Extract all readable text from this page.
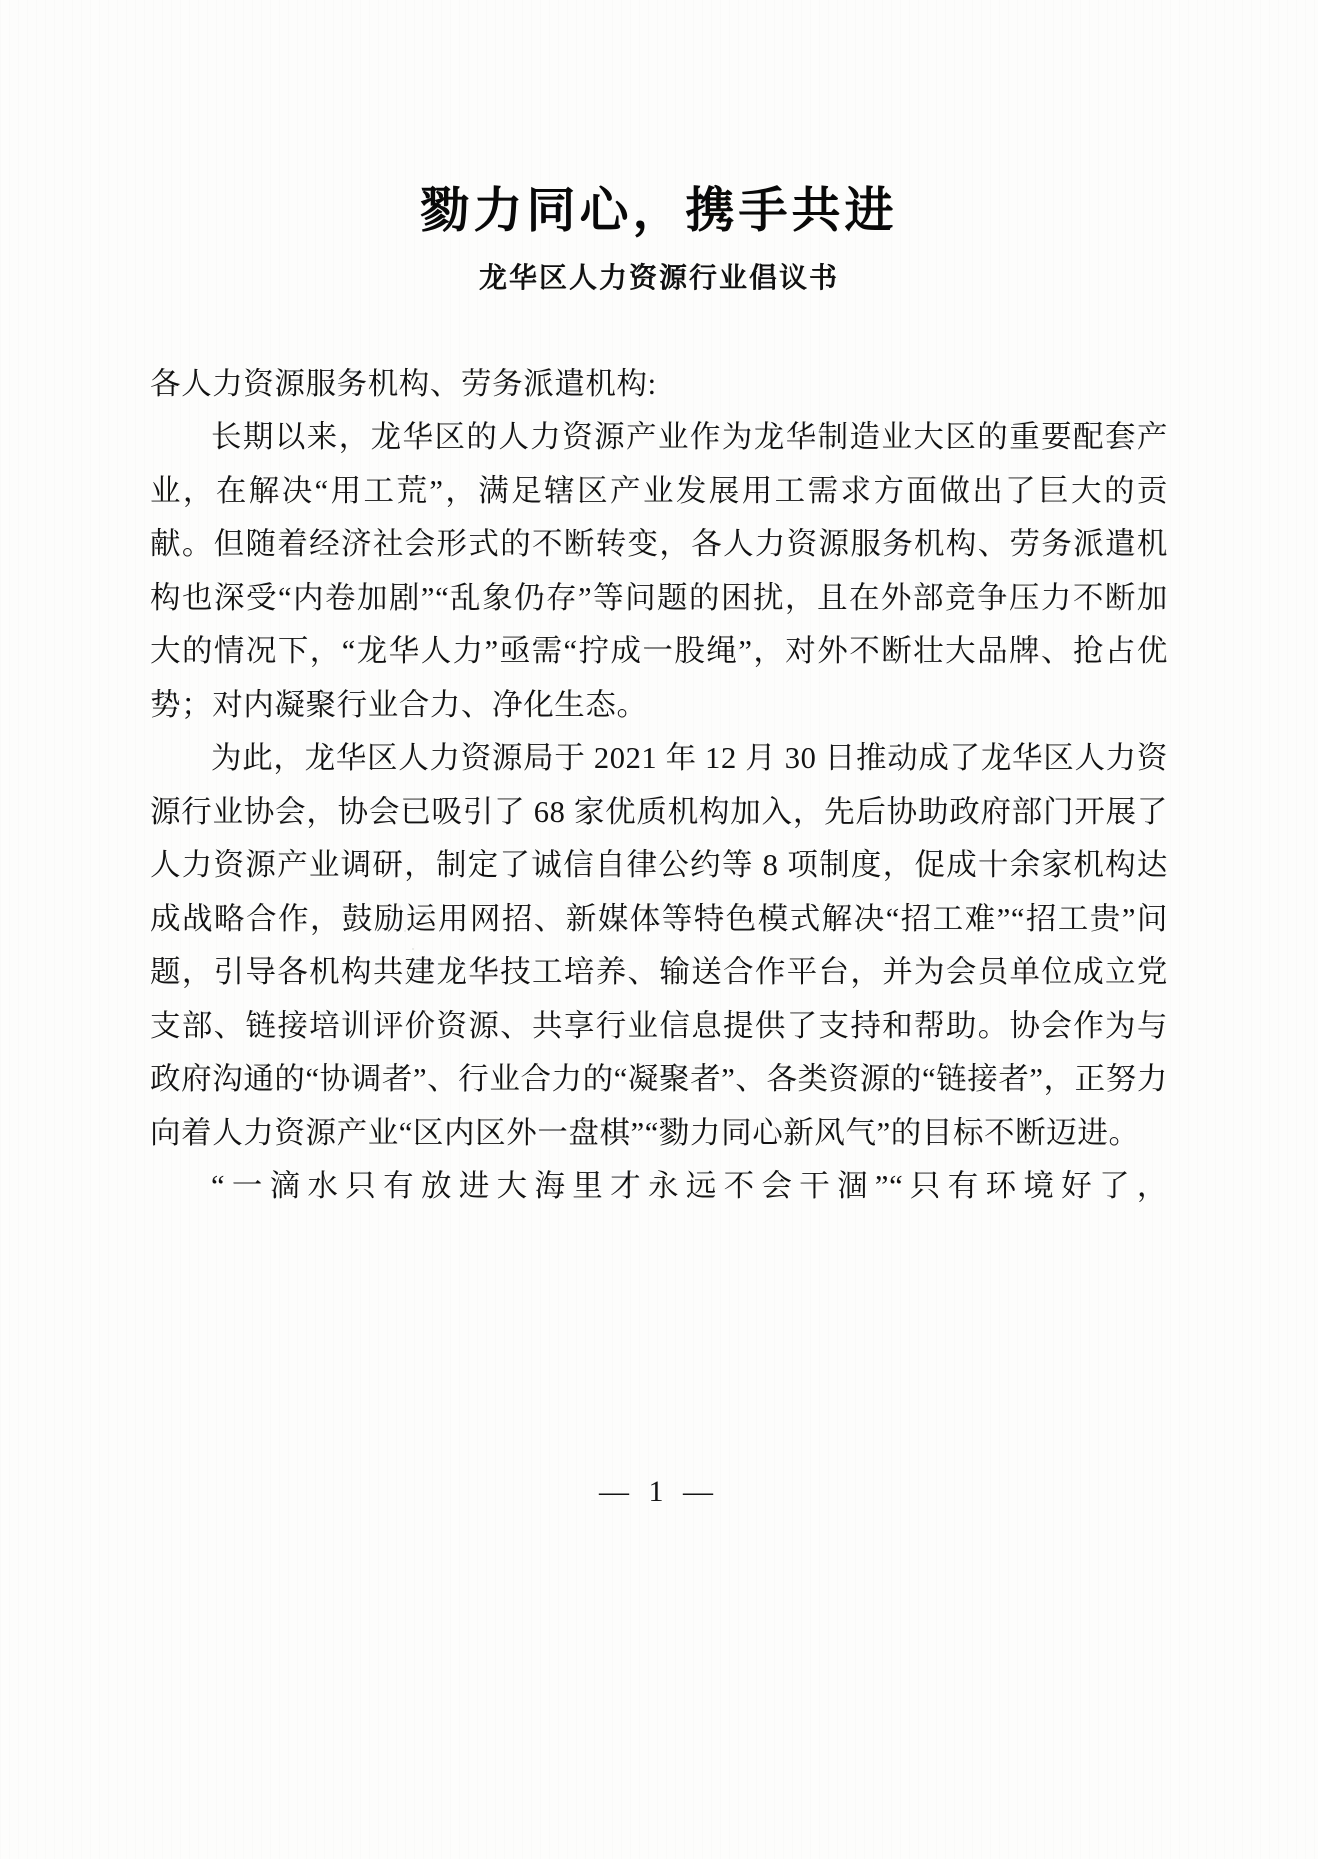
勠力同心，携手共进
龙华区人力资源行业倡议书

各人力资源服务机构、劳务派遣机构:

长期以来，龙华区的人力资源产业作为龙华制造业大区的重要配套产业，在解决“用工荒”，满足辖区产业发展用工需求方面做出了巨大的贡献。但随着经济社会形式的不断转变，各人力资源服务机构、劳务派遣机构也深受“内卷加剧”“乱象仍存”等问题的困扰，且在外部竞争压力不断加大的情况下，“龙华人力”亟需“拧成一股绳”，对外不断壮大品牌、抢占优势；对内凝聚行业合力、净化生态。

为此，龙华区人力资源局于 2021 年 12 月 30 日推动成了龙华区人力资源行业协会，协会已吸引了 68 家优质机构加入，先后协助政府部门开展了人力资源产业调研，制定了诚信自律公约等 8 项制度，促成十余家机构达成战略合作，鼓励运用网招、新媒体等特色模式解决“招工难”“招工贵”问题，引导各机构共建龙华技工培养、输送合作平台，并为会员单位成立党支部、链接培训评价资源、共享行业信息提供了支持和帮助。协会作为与政府沟通的“协调者”、行业合力的“凝聚者”、各类资源的“链接者”，正努力向着人力资源产业“区内区外一盘棋”“勠力同心新风气”的目标不断迈进。

“一滴水只有放进大海里才永远不会干涸”“只有环境好了，

— 1 —
